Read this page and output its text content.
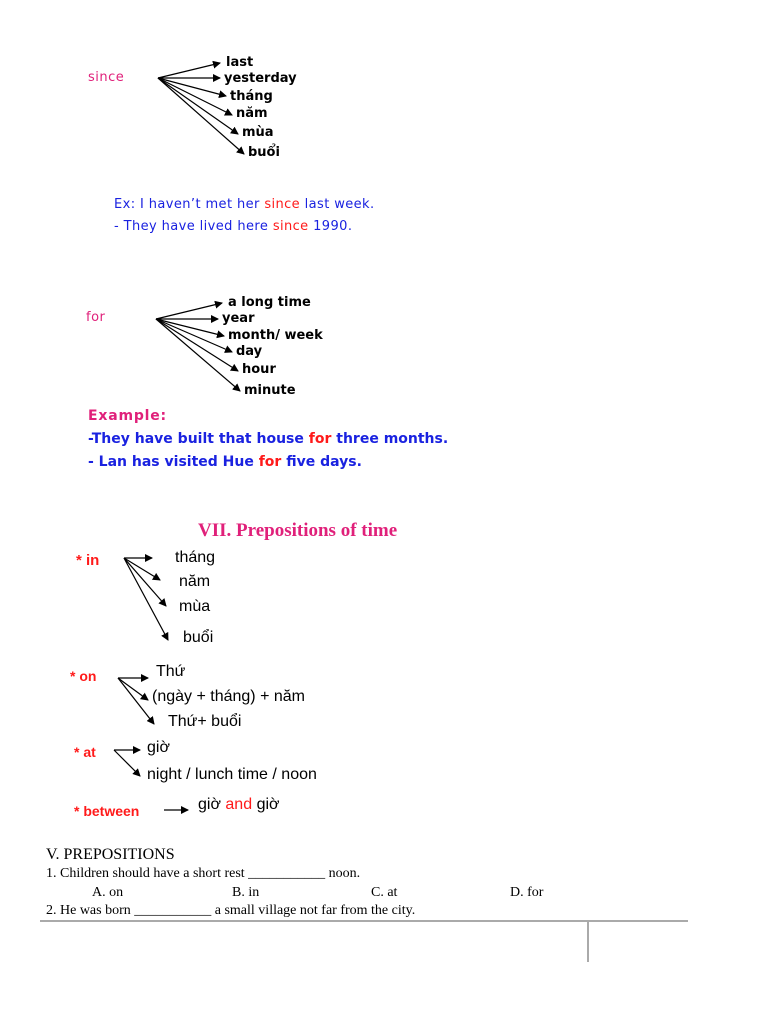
since
last
yesterday
tháng
năm
mùa
buổi
Ex: I haven’t met her since last week.
- They have lived here since 1990.
for
a long time
year
month/ week
day
hour
minute
Example:
-They have built that house for three months.
- Lan has visited Hue for five days.
VII. Prepositions of time
* in	tháng
năm
mùa
buổi
* on	Thứ
(ngày + tháng) + năm
Thứ+ buổi
* at	giờ
night / lunch time / noon
* between	giờ and giờ
V. PREPOSITIONS
1. Children should have a short rest ___________ noon.
A. on	B. in	C. at	D. for
2. He was born ___________ a small village not far from the city.
